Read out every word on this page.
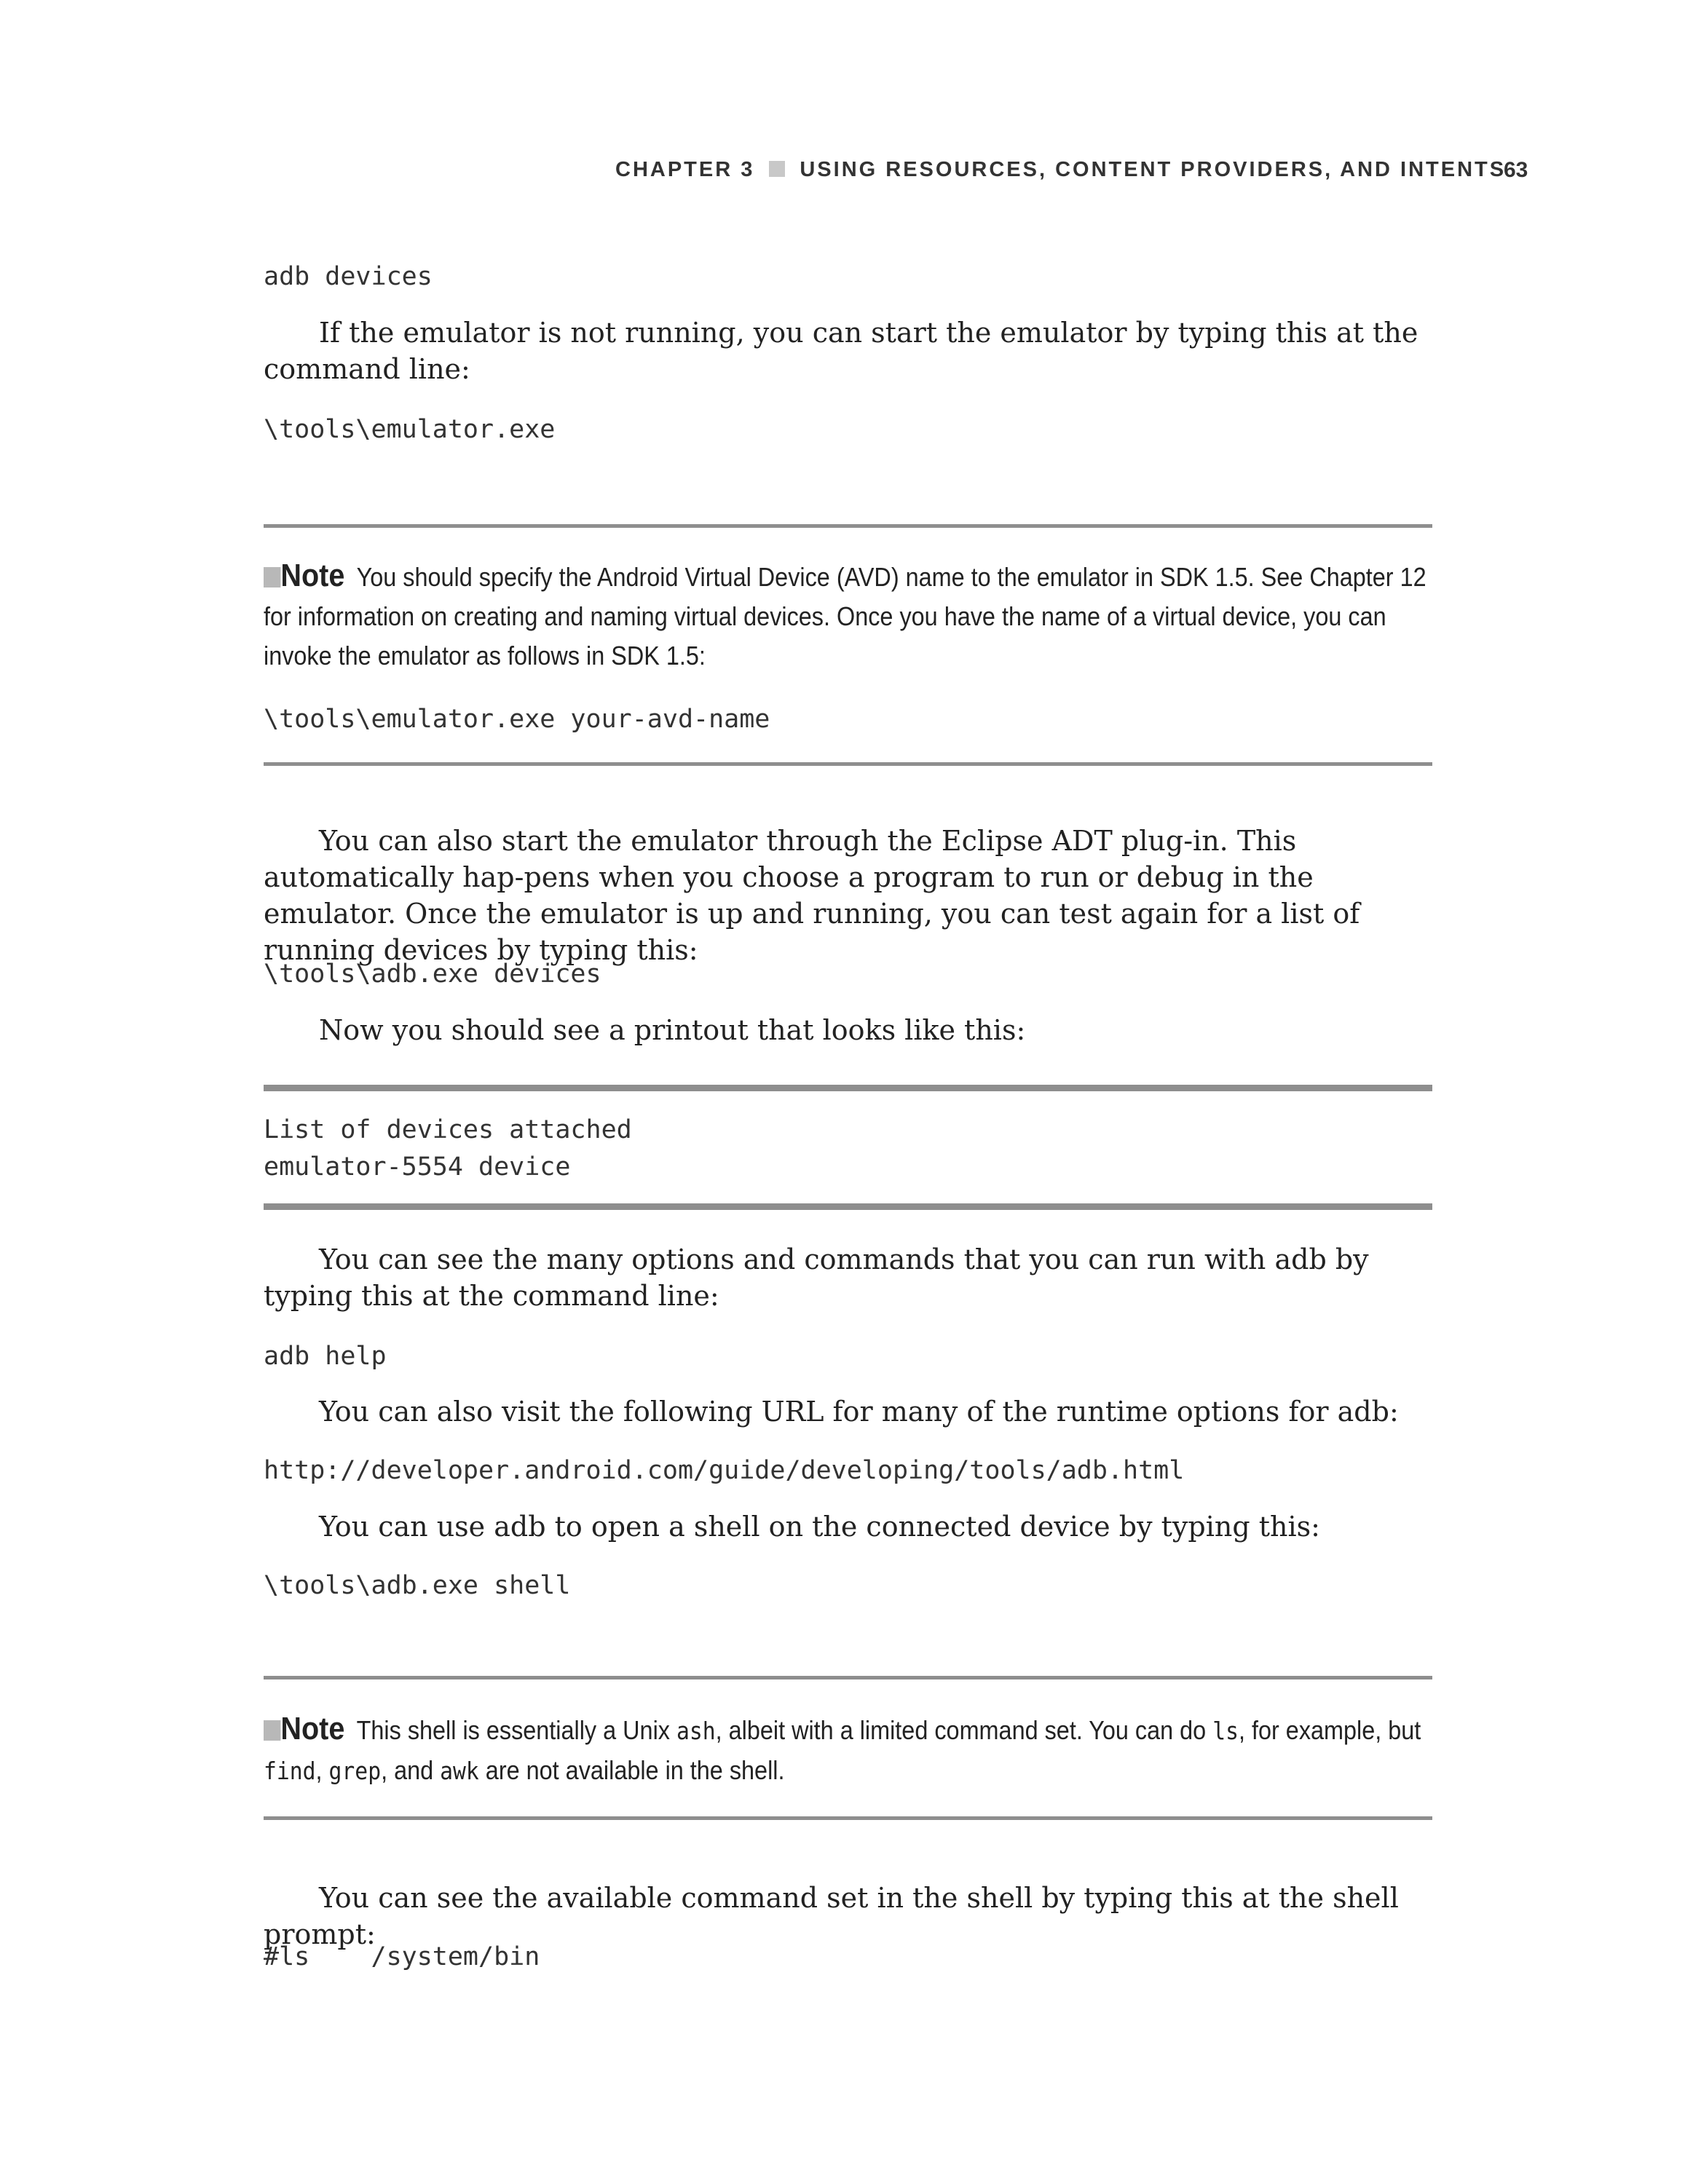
CHAPTER 3 USING RESOURCES, CONTENT PROVIDERS, AND INTENTS
63
adb devices
If the emulator is not running, you can start the emulator by typing this at the command line:
\tools\emulator.exe
Note You should specify the Android Virtual Device (AVD) name to the emulator in SDK 1.5. See Chapter 12 for information on creating and naming virtual devices. Once you have the name of a virtual device, you can invoke the emulator as follows in SDK 1.5:
\tools\emulator.exe your-avd-name
You can also start the emulator through the Eclipse ADT plug-in. This automatically hap-pens when you choose a program to run or debug in the emulator. Once the emulator is up and running, you can test again for a list of running devices by typing this:
\tools\adb.exe devices
Now you should see a printout that looks like this:
List of devices attached
emulator-5554 device
You can see the many options and commands that you can run with adb by typing this at the command line:
adb help
You can also visit the following URL for many of the runtime options for adb:
http://developer.android.com/guide/developing/tools/adb.html
You can use adb to open a shell on the connected device by typing this:
\tools\adb.exe shell
Note This shell is essentially a Unix ash, albeit with a limited command set. You can do ls, for example, but find, grep, and awk are not available in the shell.
You can see the available command set in the shell by typing this at the shell prompt:
#ls    /system/bin
